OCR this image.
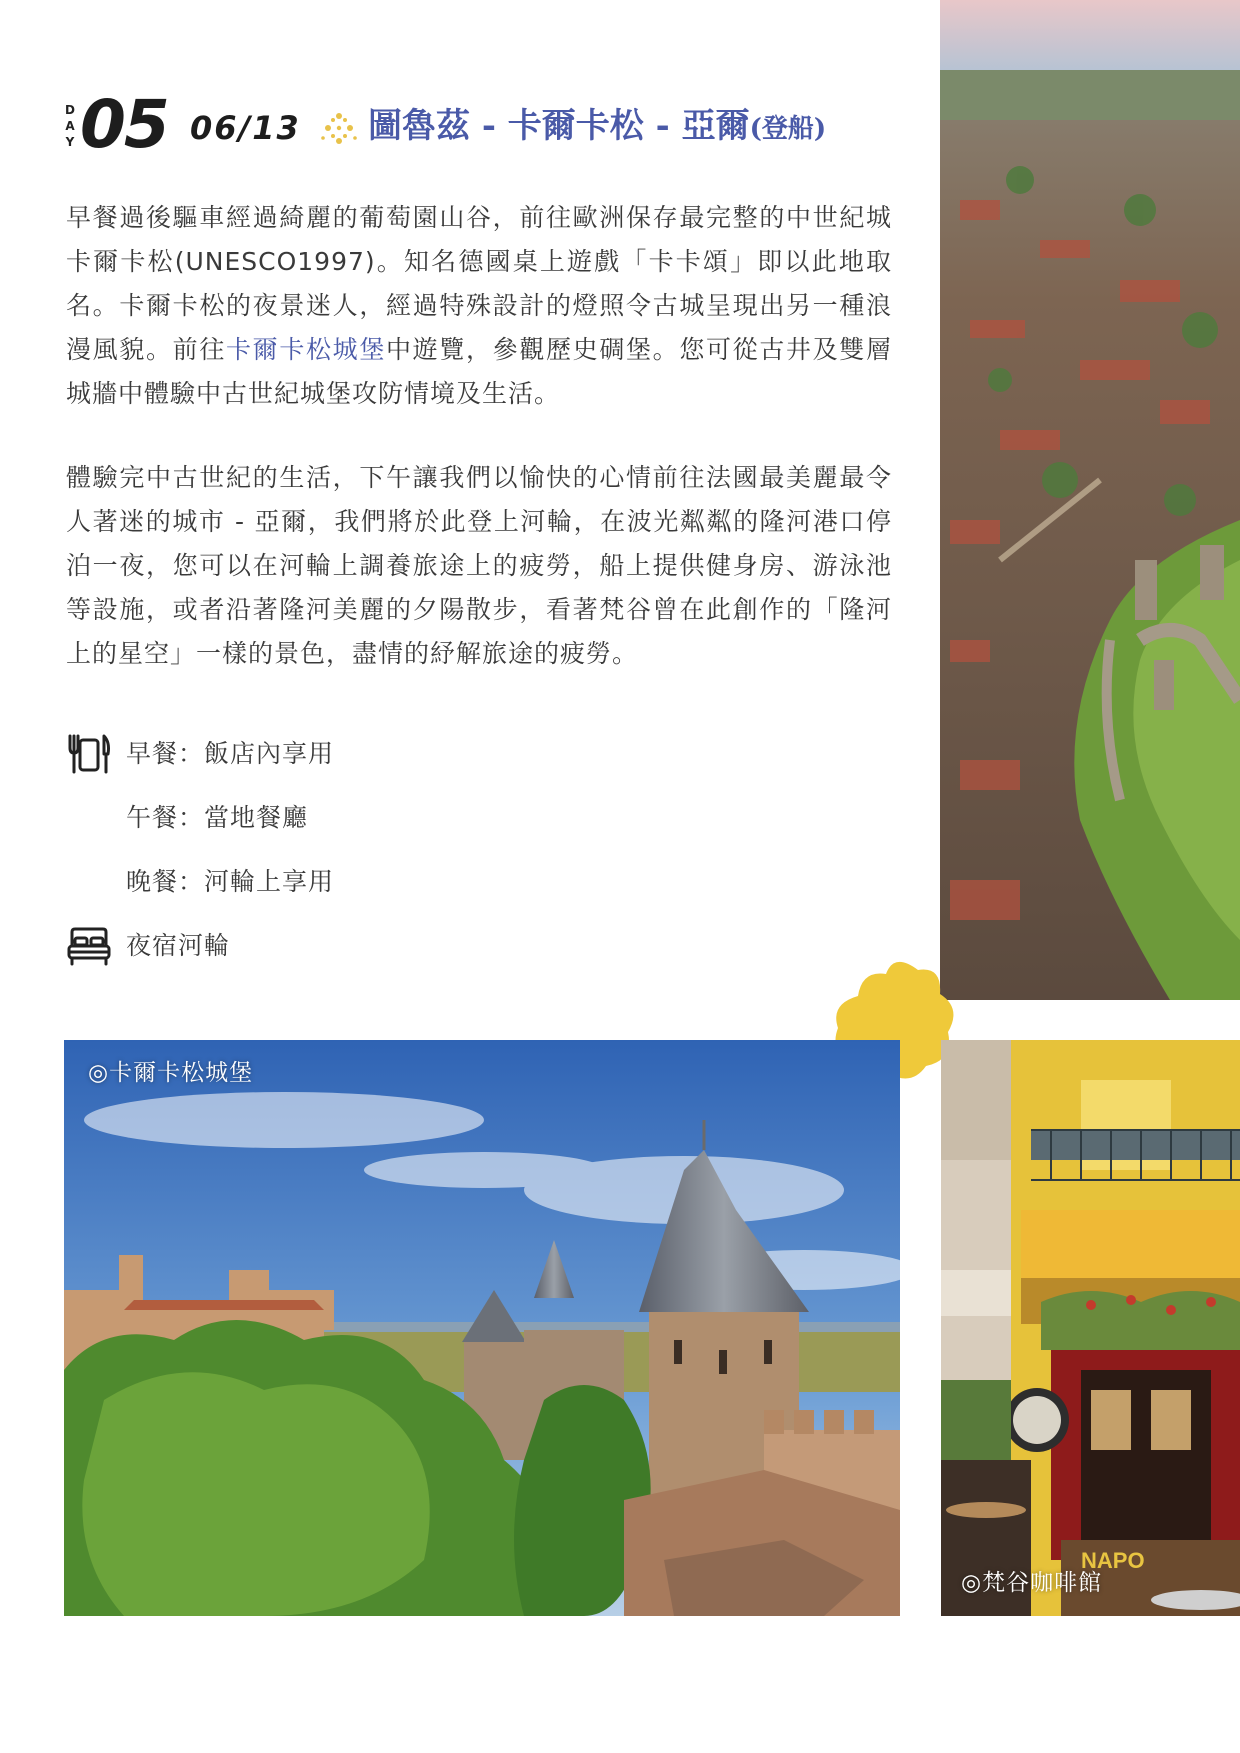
D
A
Y 05 06/13 圖魯茲 - 卡爾卡松 - 亞爾(登船)

早餐過後驅車經過綺麗的葡萄園山谷，前往歐洲保存最完整的中世紀城卡爾卡松(UNESCO1997)。知名德國桌上遊戲「卡卡頌」即以此地取名。卡爾卡松的夜景迷人，經過特殊設計的燈照令古城呈現出另一種浪漫風貌。前往卡爾卡松城堡中遊覽，參觀歷史碉堡。您可從古井及雙層城牆中體驗中古世紀城堡攻防情境及生活。

體驗完中古世紀的生活，下午讓我們以愉快的心情前往法國最美麗最令人著迷的城市 - 亞爾，我們將於此登上河輪，在波光粼粼的隆河港口停泊一夜，您可以在河輪上調養旅途上的疲勞，船上提供健身房、游泳池等設施，或者沿著隆河美麗的夕陽散步，看著梵谷曾在此創作的「隆河上的星空」一樣的景色，盡情的紓解旅途的疲勞。

早餐：飯店內享用
午餐：當地餐廳
晚餐：河輪上享用
夜宿河輪
◎卡爾卡松城堡
NAPO
◎梵谷咖啡館
